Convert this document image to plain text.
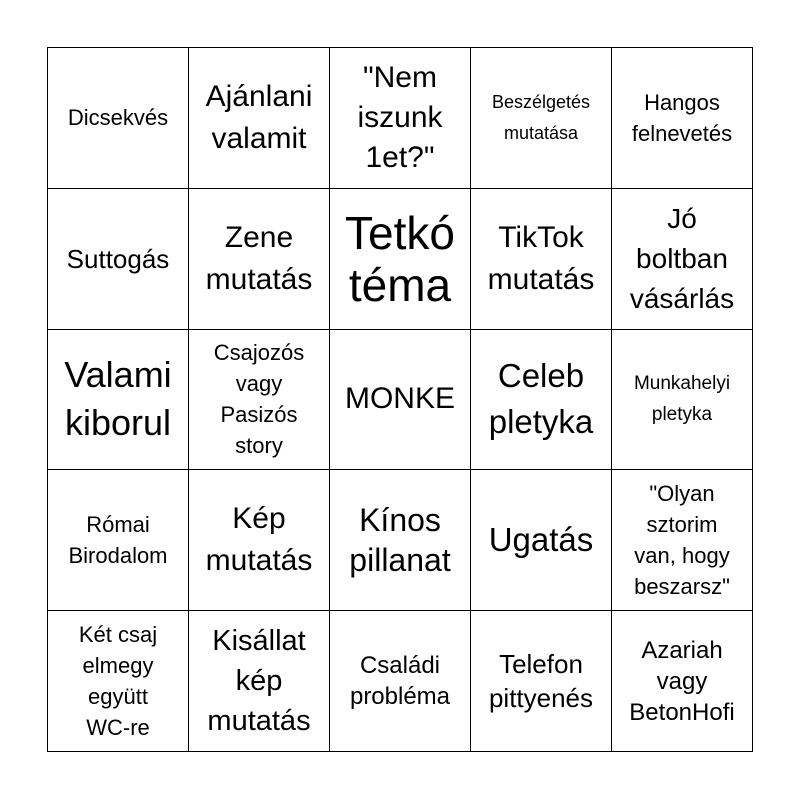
Dicsekvés
Ajánlani
valamit
"Nem
iszunk
1et?"
Beszélgetés
mutatása
Hangos
felnevetés
Suttogás
Zene
mutatás
Tetkó
téma
TikTok
mutatás
Jó
boltban
vásárlás
Valami
kiborul
Csajozós
vagy
Pasizós
story
MONKE
Celeb
pletyka
Munkahelyi
pletyka
Római
Birodalom
Kép
mutatás
Kínos
pillanat
Ugatás
"Olyan
sztorim
van, hogy
beszarsz"
Két csaj
elmegy
együtt
WC-re
Kisállat
kép
mutatás
Családi
probléma
Telefon
pittyenés
Azariah
vagy
BetonHofi
